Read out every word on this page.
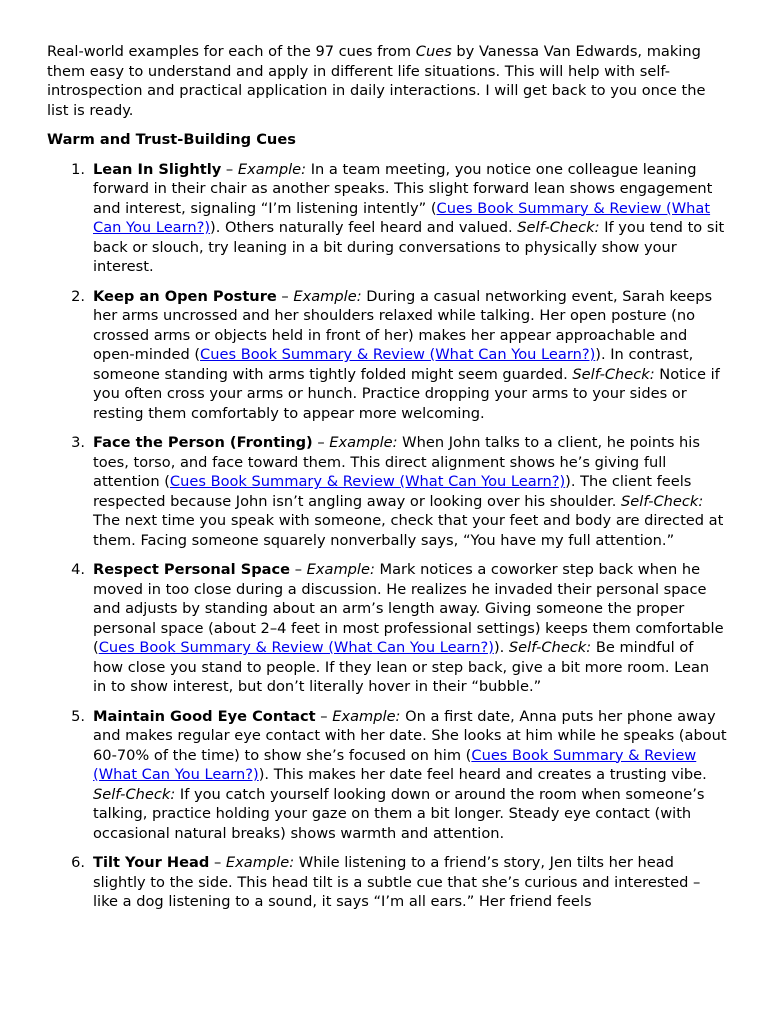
Real-world examples for each of the 97 cues from Cues by Vanessa Van Edwards, making them easy to understand and apply in different life situations. This will help with self-introspection and practical application in daily interactions. I will get back to you once the list is ready.

Warm and Trust-Building Cues

1. Lean In Slightly – Example: In a team meeting, you notice one colleague leaning forward in their chair as another speaks. This slight forward lean shows engagement and interest, signaling “I’m listening intently” (Cues Book Summary & Review (What Can You Learn?)). Others naturally feel heard and valued. Self-Check: If you tend to sit back or slouch, try leaning in a bit during conversations to physically show your interest.
2. Keep an Open Posture – Example: During a casual networking event, Sarah keeps her arms uncrossed and her shoulders relaxed while talking. Her open posture (no crossed arms or objects held in front of her) makes her appear approachable and open-minded (Cues Book Summary & Review (What Can You Learn?)). In contrast, someone standing with arms tightly folded might seem guarded. Self-Check: Notice if you often cross your arms or hunch. Practice dropping your arms to your sides or resting them comfortably to appear more welcoming.
3. Face the Person (Fronting) – Example: When John talks to a client, he points his toes, torso, and face toward them. This direct alignment shows he’s giving full attention (Cues Book Summary & Review (What Can You Learn?)). The client feels respected because John isn’t angling away or looking over his shoulder. Self-Check: The next time you speak with someone, check that your feet and body are directed at them. Facing someone squarely nonverbally says, “You have my full attention.”
4. Respect Personal Space – Example: Mark notices a coworker step back when he moved in too close during a discussion. He realizes he invaded their personal space and adjusts by standing about an arm’s length away. Giving someone the proper personal space (about 2–4 feet in most professional settings) keeps them comfortable (Cues Book Summary & Review (What Can You Learn?)). Self-Check: Be mindful of how close you stand to people. If they lean or step back, give a bit more room. Lean in to show interest, but don’t literally hover in their “bubble.”
5. Maintain Good Eye Contact – Example: On a first date, Anna puts her phone away and makes regular eye contact with her date. She looks at him while he speaks (about 60-70% of the time) to show she’s focused on him (Cues Book Summary & Review (What Can You Learn?)). This makes her date feel heard and creates a trusting vibe. Self-Check: If you catch yourself looking down or around the room when someone’s talking, practice holding your gaze on them a bit longer. Steady eye contact (with occasional natural breaks) shows warmth and attention.
6. Tilt Your Head – Example: While listening to a friend’s story, Jen tilts her head slightly to the side. This head tilt is a subtle cue that she’s curious and interested – like a dog listening to a sound, it says “I’m all ears.” Her friend feels
